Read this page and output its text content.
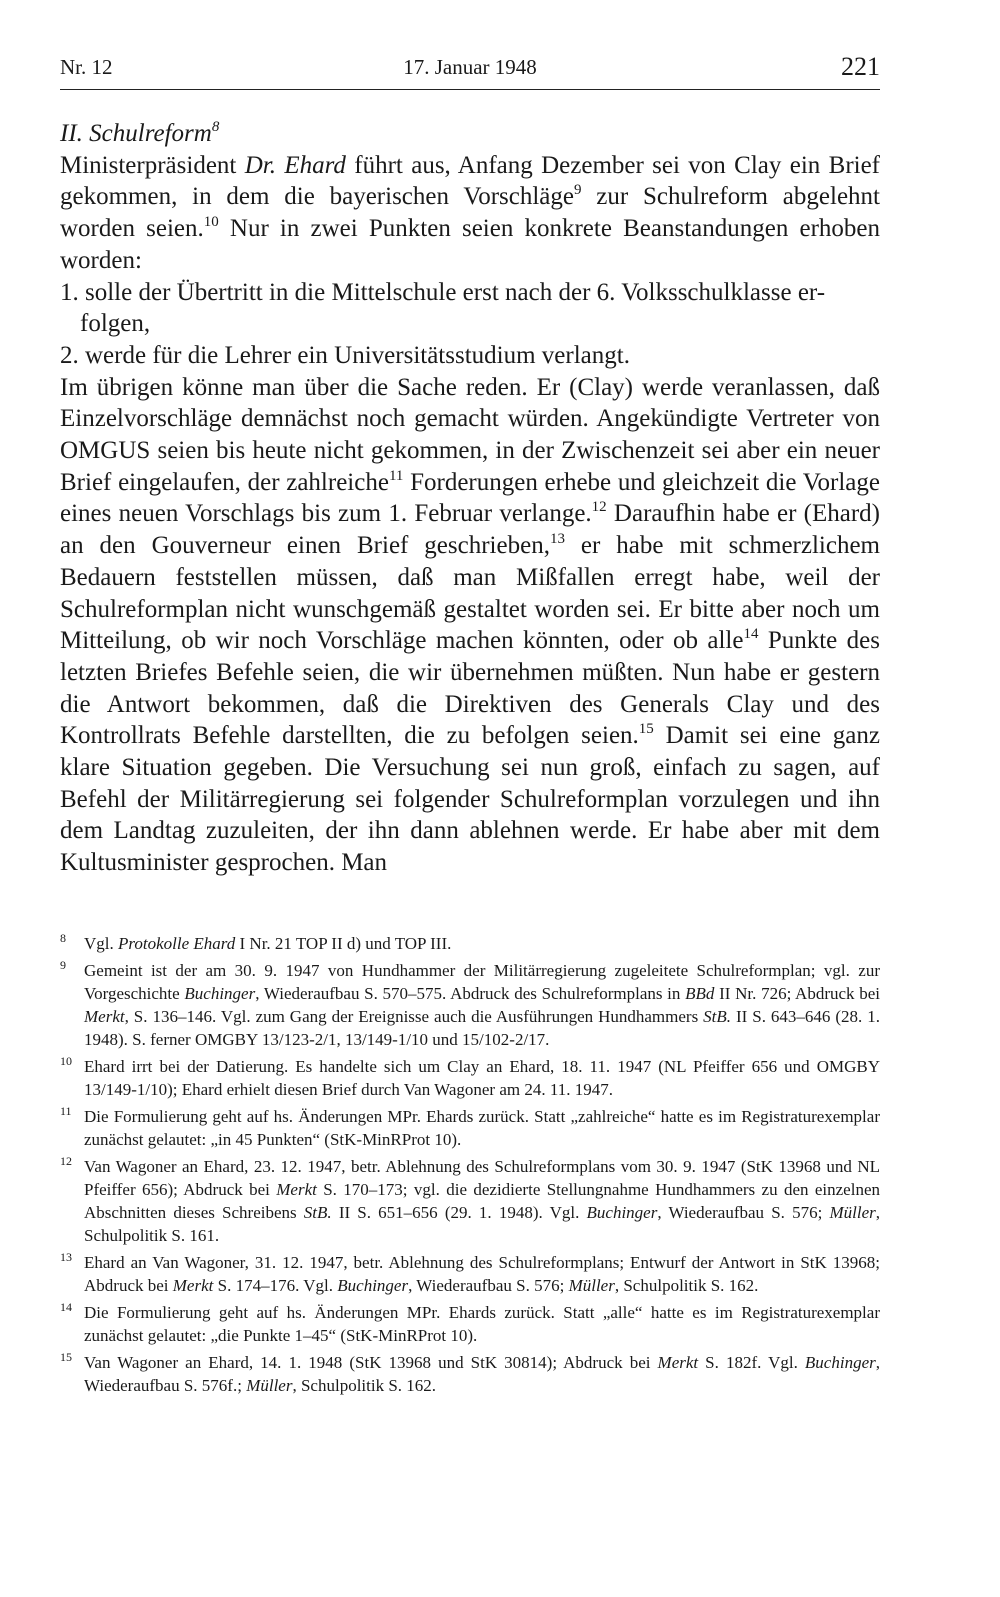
Nr. 12	17. Januar 1948	221

II. Schulreform$^8$

Ministerpräsident Dr. Ehard führt aus, Anfang Dezember sei von Clay ein Brief gekommen, in dem die bayerischen Vorschläge$^9$ zur Schulreform abgelehnt worden seien.$^{10}$ Nur in zwei Punkten seien konkrete Beanstandungen erhoben worden:

1. solle der Übertritt in die Mittelschule erst nach der 6. Volksschulklasse er-

folgen,

2. werde für die Lehrer ein Universitätsstudium verlangt.

Im übrigen könne man über die Sache reden. Er (Clay) werde veranlassen, daß Einzelvorschläge demnächst noch gemacht würden. Angekündigte Vertreter von OMGUS seien bis heute nicht gekommen, in der Zwischenzeit sei aber ein neuer Brief eingelaufen, der zahlreiche$^{11}$ Forderungen erhebe und gleichzeit die Vorlage eines neuen Vorschlags bis zum 1. Februar verlange.$^{12}$ Daraufhin habe er (Ehard) an den Gouverneur einen Brief geschrieben,$^{13}$ er habe mit schmerzlichem Bedauern feststellen müssen, daß man Mißfallen erregt habe, weil der Schulreformplan nicht wunschgemäß gestaltet worden sei. Er bitte aber noch um Mitteilung, ob wir noch Vorschläge machen könnten, oder ob alle$^{14}$ Punkte des letzten Briefes Befehle seien, die wir übernehmen müßten. Nun habe er gestern die Antwort bekommen, daß die Direktiven des Generals Clay und des Kontrollrats Befehle darstellten, die zu befolgen seien.$^{15}$ Damit sei eine ganz klare Situation gegeben. Die Versuchung sei nun groß, einfach zu sagen, auf Befehl der Militärregierung sei folgender Schulreformplan vorzulegen und ihn dem Landtag zuzuleiten, der ihn dann ablehnen werde. Er habe aber mit dem Kultusminister gesprochen. Man

8 Vgl. Protokolle Ehard I Nr. 21 TOP II d) und TOP III.

9 Gemeint ist der am 30. 9. 1947 von Hundhammer der Militärregierung zugeleitete Schulreformplan; vgl. zur Vorgeschichte Buchinger, Wiederaufbau S. 570–575. Abdruck des Schulreformplans in BBd II Nr. 726; Abdruck bei Merkt, S. 136–146. Vgl. zum Gang der Ereignisse auch die Ausführungen Hundhammers StB. II S. 643–646 (28. 1. 1948). S. ferner OMGBY 13/123-2/1, 13/149-1/10 und 15/102-2/17.

10 Ehard irrt bei der Datierung. Es handelte sich um Clay an Ehard, 18. 11. 1947 (NL Pfeiffer 656 und OMGBY 13/149-1/10); Ehard erhielt diesen Brief durch Van Wagoner am 24. 11. 1947.

11 Die Formulierung geht auf hs. Änderungen MPr. Ehards zurück. Statt „zahlreiche“ hatte es im Registraturexemplar zunächst gelautet: „in 45 Punkten“ (StK-MinRProt 10).

12 Van Wagoner an Ehard, 23. 12. 1947, betr. Ablehnung des Schulreformplans vom 30. 9. 1947 (StK 13968 und NL Pfeiffer 656); Abdruck bei Merkt S. 170–173; vgl. die dezidierte Stellungnahme Hundhammers zu den einzelnen Abschnitten dieses Schreibens StB. II S. 651–656 (29. 1. 1948). Vgl. Buchinger, Wiederaufbau S. 576; Müller, Schulpolitik S. 161.

13 Ehard an Van Wagoner, 31. 12. 1947, betr. Ablehnung des Schulreformplans; Entwurf der Antwort in StK 13968; Abdruck bei Merkt S. 174–176. Vgl. Buchinger, Wiederaufbau S. 576; Müller, Schulpolitik S. 162.

14 Die Formulierung geht auf hs. Änderungen MPr. Ehards zurück. Statt „alle“ hatte es im Registraturexemplar zunächst gelautet: „die Punkte 1–45“ (StK-MinRProt 10).

15 Van Wagoner an Ehard, 14. 1. 1948 (StK 13968 und StK 30814); Abdruck bei Merkt S. 182f. Vgl. Buchinger, Wiederaufbau S. 576f.; Müller, Schulpolitik S. 162.
